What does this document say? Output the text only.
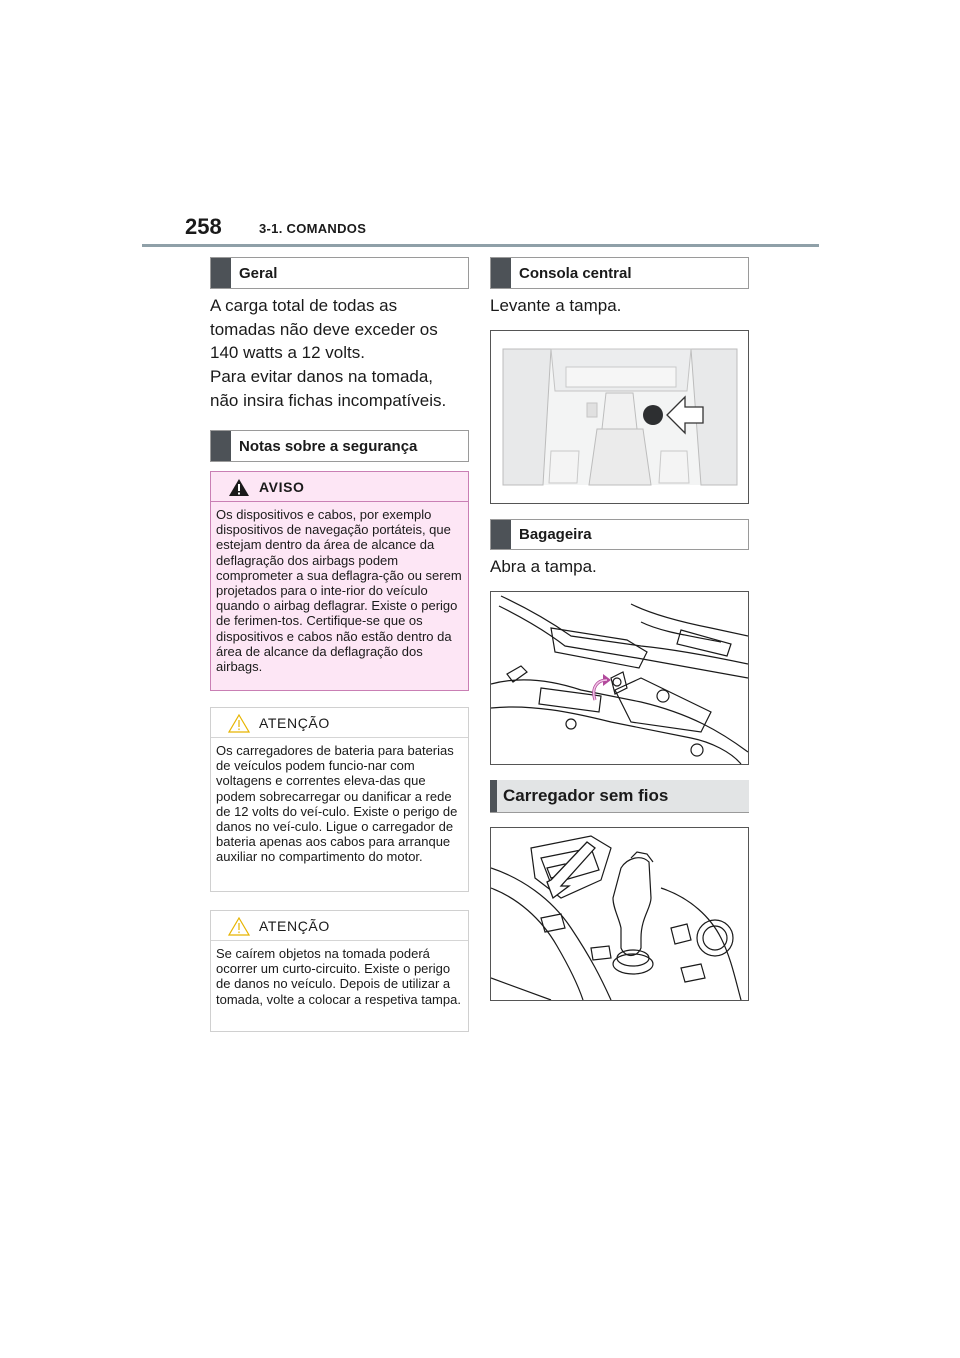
258	3-1. COMANDOS
Geral
A carga total de todas as tomadas não deve exceder os 140 watts a 12 volts.
Para evitar danos na tomada, não insira fichas incompatíveis.
Notas sobre a segurança
AVISO
Os dispositivos e cabos, por exemplo dispositivos de navegação portáteis, que estejam dentro da área de alcance da deflagração dos airbags podem comprometer a sua deflagra-ção ou serem projetados para o inte-rior do veículo quando o airbag deflagrar. Existe o perigo de ferimen-tos. Certifique-se que os dispositivos e cabos não estão dentro da área de alcance da deflagração dos airbags.
ATENÇÃO
Os carregadores de bateria para baterias de veículos podem funcio-nar com voltagens e correntes eleva-das que podem sobrecarregar ou danificar a rede de 12 volts do veí-culo. Existe o perigo de danos no veí-culo. Ligue o carregador de bateria apenas aos cabos para arranque auxiliar no compartimento do motor.
ATENÇÃO
Se caírem objetos na tomada poderá ocorrer um curto-circuito. Existe o perigo de danos no veículo. Depois de utilizar a tomada, volte a colocar a respetiva tampa.
Consola central
Levante a tampa.
Bagageira
Abra a tampa.
Carregador sem fios
